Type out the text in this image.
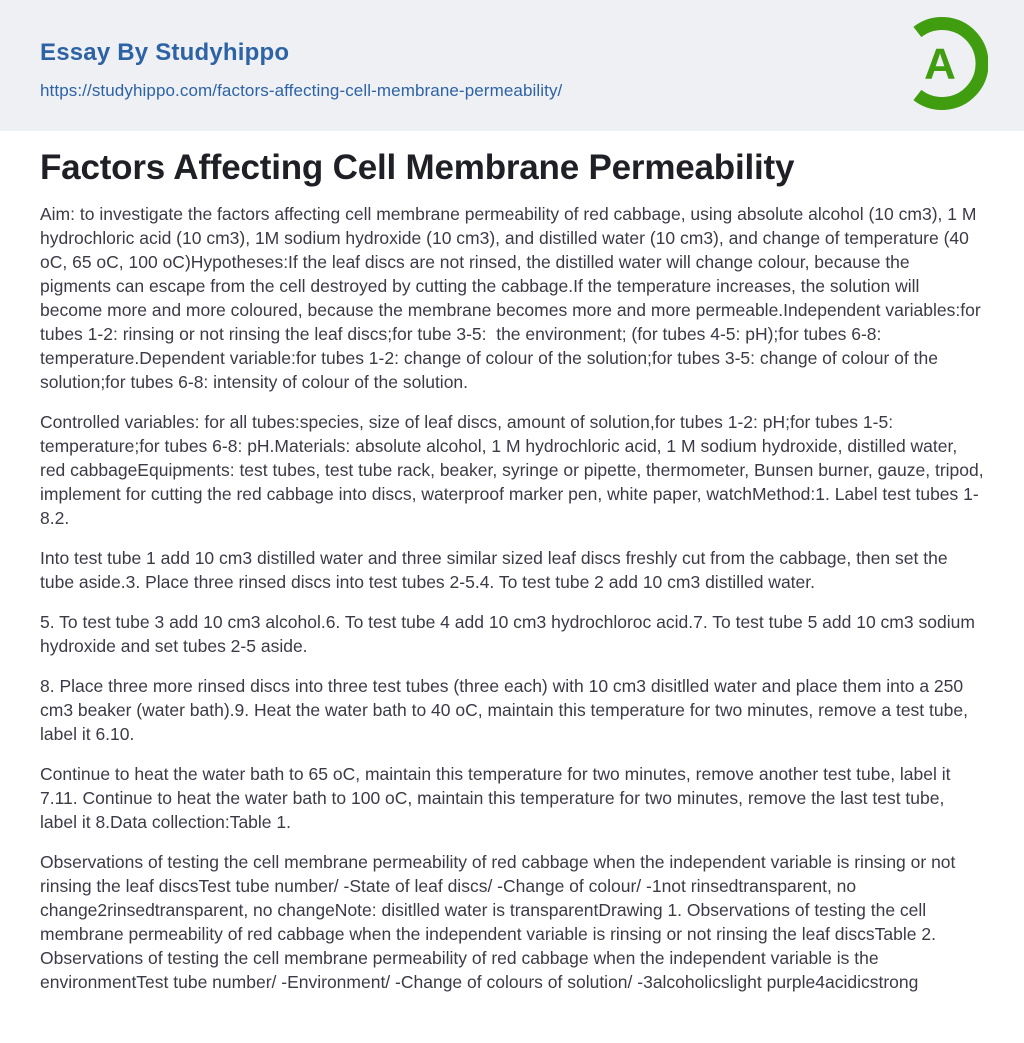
Essay By Studyhippo
https://studyhippo.com/factors-affecting-cell-membrane-permeability/
A
Factors Affecting Cell Membrane Permeability

Aim: to investigate the factors affecting cell membrane permeability of red cabbage, using absolute alcohol (10 cm3), 1 M hydrochloric acid (10 cm3), 1M sodium hydroxide (10 cm3), and distilled water (10 cm3), and change of temperature (40 oC, 65 oC, 100 oC)Hypotheses:If the leaf discs are not rinsed, the distilled water will change colour, because the pigments can escape from the cell destroyed by cutting the cabbage.If the temperature increases, the solution will become more and more coloured, because the membrane becomes more and more permeable.Independent variables:for tubes 1-2: rinsing or not rinsing the leaf discs;for tube 3-5:  the environment; (for tubes 4-5: pH);for tubes 6-8: temperature.Dependent variable:for tubes 1-2: change of colour of the solution;for tubes 3-5: change of colour of the solution;for tubes 6-8: intensity of colour of the solution.

Controlled variables: for all tubes:species, size of leaf discs, amount of solution,for tubes 1-2: pH;for tubes 1-5: temperature;for tubes 6-8: pH.Materials: absolute alcohol, 1 M hydrochloric acid, 1 M sodium hydroxide, distilled water, red cabbageEquipments: test tubes, test tube rack, beaker, syringe or pipette, thermometer, Bunsen burner, gauze, tripod, implement for cutting the red cabbage into discs, waterproof marker pen, white paper, watchMethod:1. Label test tubes 1-8.2.

Into test tube 1 add 10 cm3 distilled water and three similar sized leaf discs freshly cut from the cabbage, then set the tube aside.3. Place three rinsed discs into test tubes 2-5.4. To test tube 2 add 10 cm3 distilled water.

5. To test tube 3 add 10 cm3 alcohol.6. To test tube 4 add 10 cm3 hydrochloroc acid.7. To test tube 5 add 10 cm3 sodium hydroxide and set tubes 2-5 aside.

8. Place three more rinsed discs into three test tubes (three each) with 10 cm3 disitlled water and place them into a 250 cm3 beaker (water bath).9. Heat the water bath to 40 oC, maintain this temperature for two minutes, remove a test tube, label it 6.10.

Continue to heat the water bath to 65 oC, maintain this temperature for two minutes, remove another test tube, label it 7.11. Continue to heat the water bath to 100 oC, maintain this temperature for two minutes, remove the last test tube, label it 8.Data collection:Table 1.

Observations of testing the cell membrane permeability of red cabbage when the independent variable is rinsing or not rinsing the leaf discsTest tube number/ -State of leaf discs/ -Change of colour/ -1not rinsedtransparent, no change2rinsedtransparent, no changeNote: disitlled water is transparentDrawing 1. Observations of testing the cell membrane permeability of red cabbage when the independent variable is rinsing or not rinsing the leaf discsTable 2. Observations of testing the cell membrane permeability of red cabbage when the independent variable is the environmentTest tube number/ -Environment/ -Change of colours of solution/ -3alcoholicslight purple4acidicstrong
